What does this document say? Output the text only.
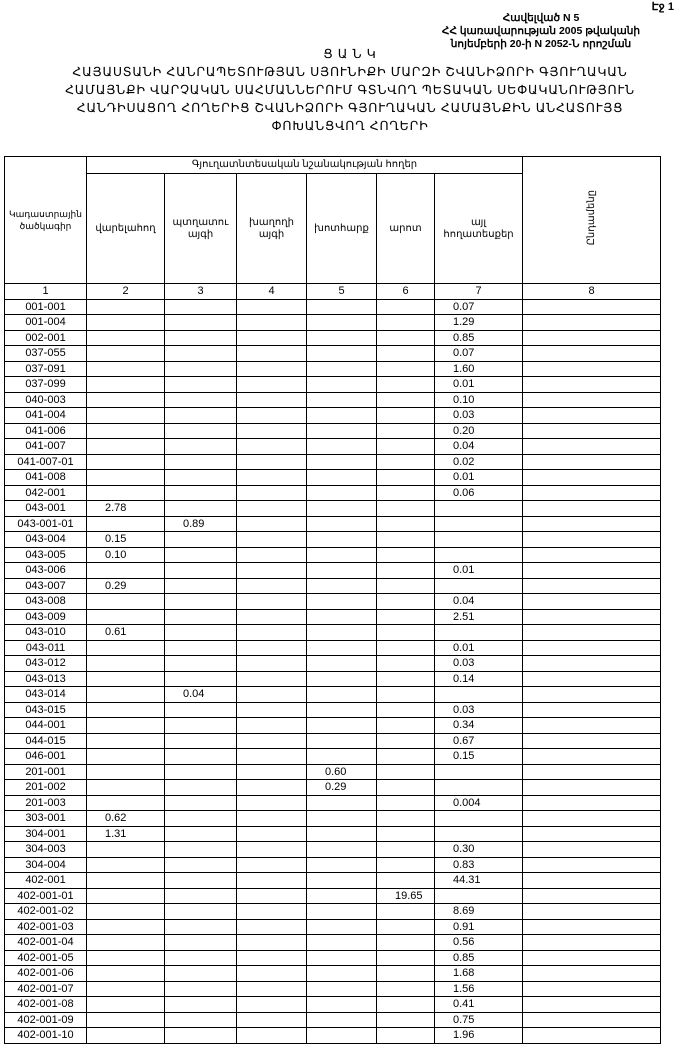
Էջ 1
Հավելված N 5
ՀՀ կառավարության 2005 թվականի
նոյեմբերի 20-ի N 2052-Ն որոշման
Ց Ա Ն Կ
ՀԱՅԱՍՏԱՆԻ ՀԱՆՐԱՊԵՏՈՒԹՅԱՆ ՍՅՈՒՆԻՔԻ ՄԱՐԶԻ ՇՎԱՆԻՁՈՐԻ ԳՅՈՒՂԱԿԱՆ
ՀԱՄԱՅՆՔԻ ՎԱՐՉԱԿԱՆ ՍԱՀՄԱՆՆԵՐՈՒՄ ԳՏՆՎՈՂ ՊԵՏԱԿԱՆ ՍԵՓԱԿԱՆՈՒԹՅՈՒՆ
ՀԱՆԴԻՍԱՑՈՂ ՀՈՂԵՐԻՑ ՇՎԱՆԻՁՈՐԻ ԳՅՈՒՂԱԿԱՆ ՀԱՄԱՅՆՔԻՆ ԱՆՀԱՏՈՒՅՑ
ՓՈԽԱՆՑՎՈՂ ՀՈՂԵՐԻ
Կադաստրային ծածկագիր	Գյուղատնտեսական նշանակության հողեր						Ընդամենը
	վարելահող	պտղատու այգի	խաղողի այգի	խոտհարք	արոտ	այլ հողատեսքեր	
1	2	3	4	5	6	7	8
001-001						0.07	
001-004						1.29	
002-001						0.85	
037-055						0.07	
037-091						1.60	
037-099						0.01	
040-003						0.10	
041-004						0.03	
041-006						0.20	
041-007						0.04	
041-007-01						0.02	
041-008						0.01	
042-001						0.06	
043-001	2.78						
043-001-01		0.89					
043-004	0.15						
043-005	0.10						
043-006						0.01	
043-007	0.29						
043-008						0.04	
043-009						2.51	
043-010	0.61						
043-011						0.01	
043-012						0.03	
043-013						0.14	
043-014		0.04					
043-015						0.03	
044-001						0.34	
044-015						0.67	
046-001						0.15	
201-001				0.60			
201-002				0.29			
201-003						0.004	
303-001	0.62						
304-001	1.31						
304-003						0.30	
304-004						0.83	
402-001						44.31	
402-001-01					19.65		
402-001-02						8.69	
402-001-03						0.91	
402-001-04						0.56	
402-001-05						0.85	
402-001-06						1.68	
402-001-07						1.56	
402-001-08						0.41	
402-001-09						0.75	
402-001-10						1.96	
